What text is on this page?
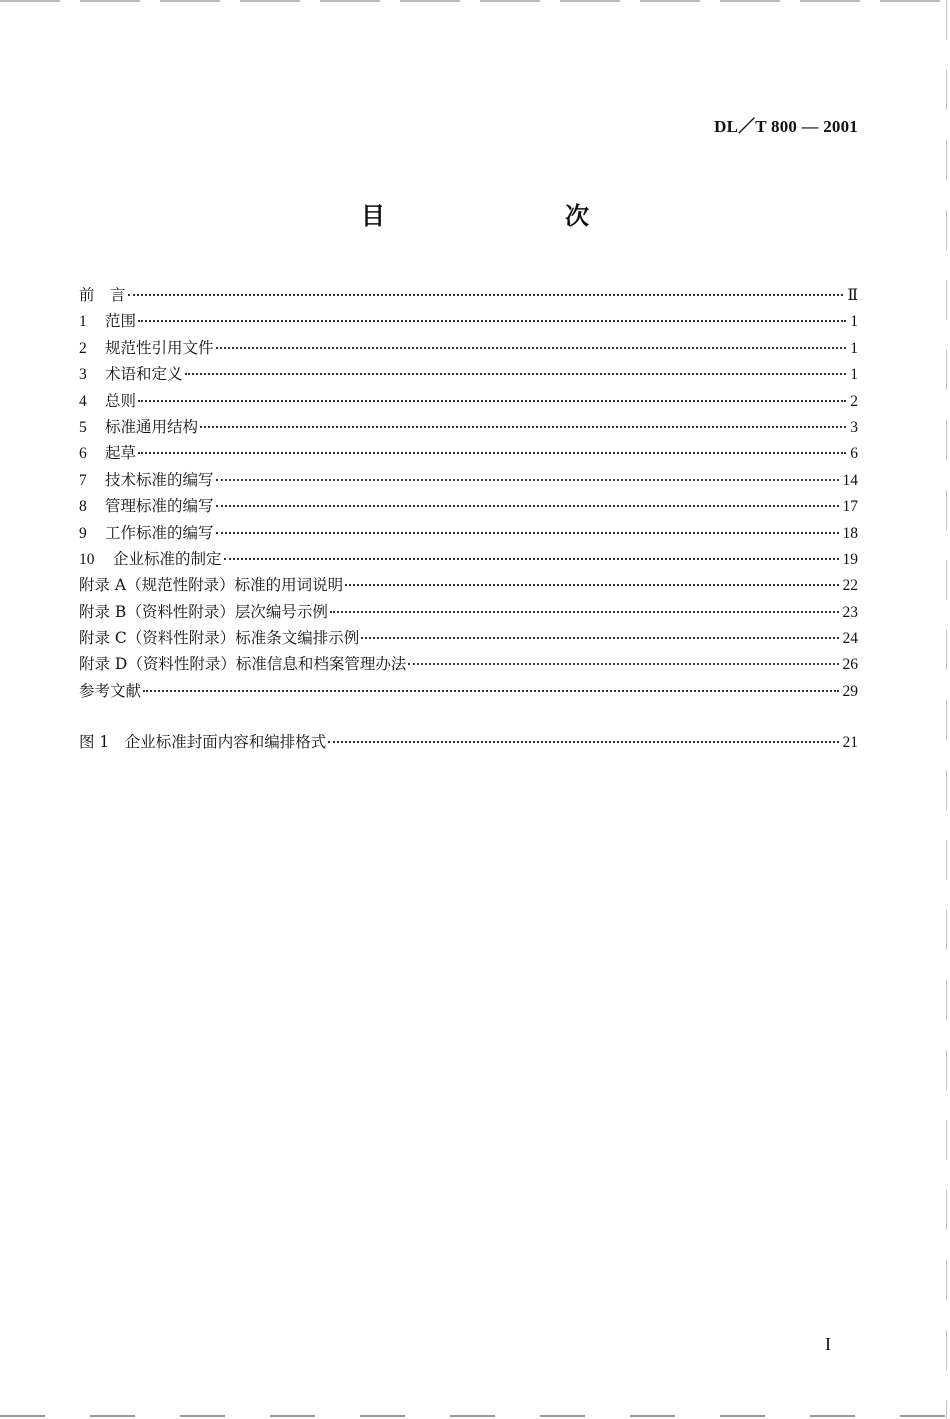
DL／T 800 — 2001
目　次
前　言	Ⅱ
1	范围	1
2	规范性引用文件	1
3	术语和定义	1
4	总则	2
5	标准通用结构	3
6	起草	6
7	技术标准的编写	14
8	管理标准的编写	17
9	工作标准的编写	18
10	企业标准的制定	19
附录 A（规范性附录）标准的用词说明	22
附录 B（资料性附录）层次编号示例	23
附录 C（资料性附录）标准条文编排示例	24
附录 D（资料性附录）标准信息和档案管理办法	26
参考文献	29
图 1　企业标准封面内容和编排格式	21
I
